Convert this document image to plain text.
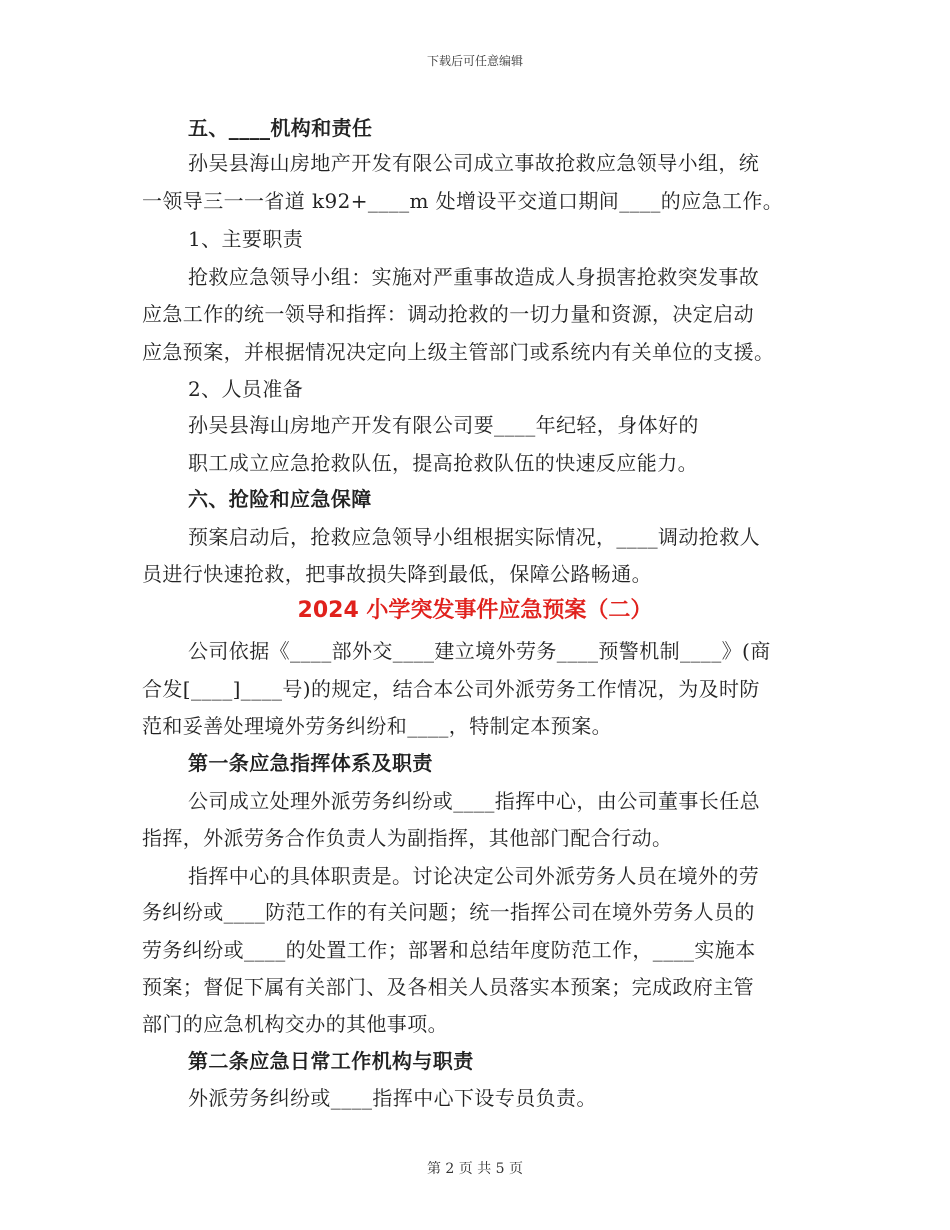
下载后可任意编辑
五、____机构和责任
孙吴县海山房地产开发有限公司成立事故抢救应急领导小组，统
一领导三一一省道 k92+____m 处增设平交道口期间____的应急工作。
1、主要职责
抢救应急领导小组：实施对严重事故造成人身损害抢救突发事故
应急工作的统一领导和指挥：调动抢救的一切力量和资源，决定启动
应急预案，并根据情况决定向上级主管部门或系统内有关单位的支援。
2、人员准备
孙吴县海山房地产开发有限公司要____年纪轻，身体好的
职工成立应急抢救队伍，提高抢救队伍的快速反应能力。
六、抢险和应急保障
预案启动后，抢救应急领导小组根据实际情况，____调动抢救人
员进行快速抢救，把事故损失降到最低，保障公路畅通。
2024 小学突发事件应急预案（二）
公司依据《____部外交____建立境外劳务____预警机制____》(商
合发[____]____号)的规定，结合本公司外派劳务工作情况，为及时防
范和妥善处理境外劳务纠纷和____，特制定本预案。
第一条应急指挥体系及职责
公司成立处理外派劳务纠纷或____指挥中心，由公司董事长任总
指挥，外派劳务合作负责人为副指挥，其他部门配合行动。
指挥中心的具体职责是。讨论决定公司外派劳务人员在境外的劳
务纠纷或____防范工作的有关问题；统一指挥公司在境外劳务人员的
劳务纠纷或____的处置工作；部署和总结年度防范工作，____实施本
预案；督促下属有关部门、及各相关人员落实本预案；完成政府主管
部门的应急机构交办的其他事项。
第二条应急日常工作机构与职责
外派劳务纠纷或____指挥中心下设专员负责。
第 2 页 共 5 页
